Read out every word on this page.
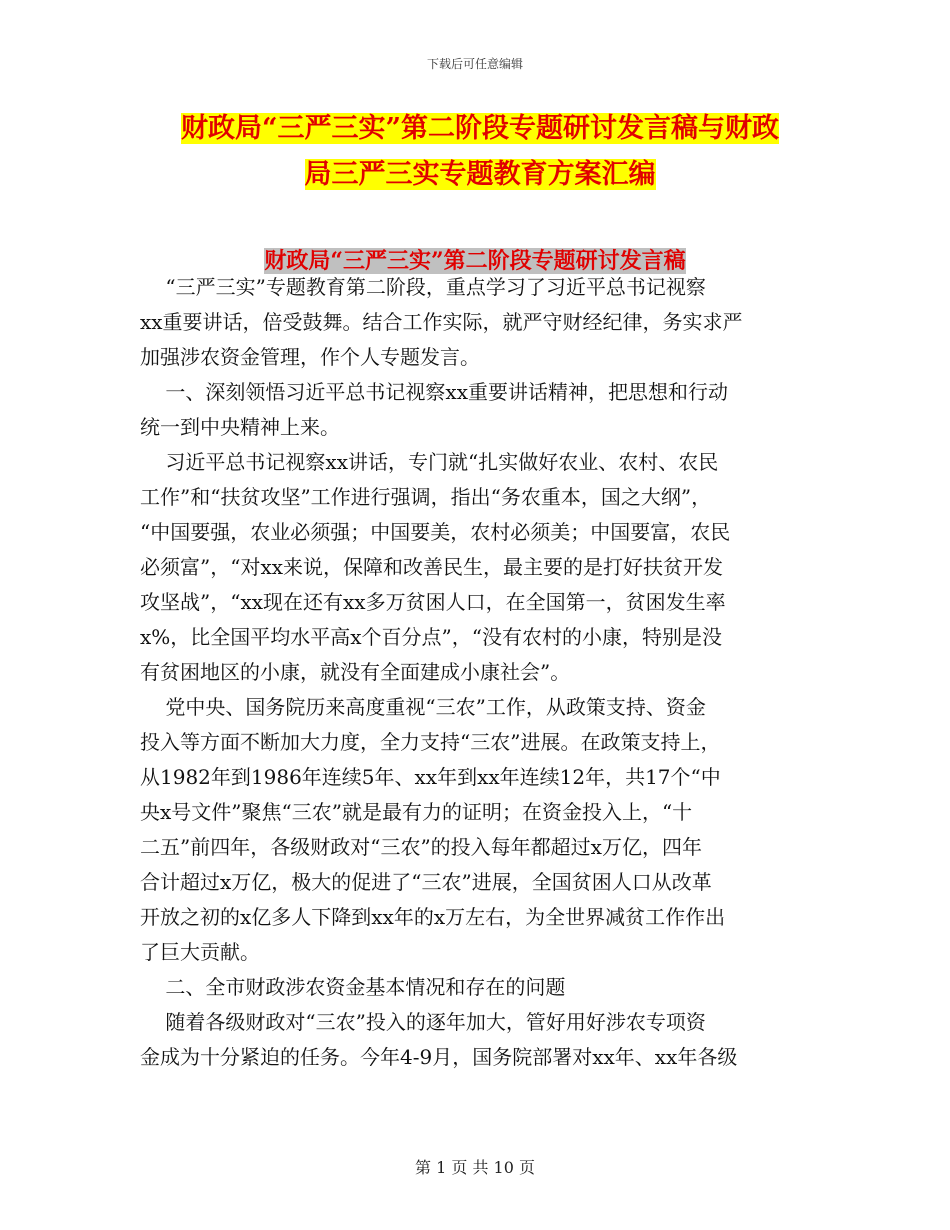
下载后可任意编辑
财政局“三严三实”第二阶段专题研讨发言稿与财政
局三严三实专题教育方案汇编
财政局“三严三实”第二阶段专题研讨发言稿
“三严三实”专题教育第二阶段，重点学习了习近平总书记视察
xx重要讲话，倍受鼓舞。结合工作实际，就严守财经纪律，务实求严
加强涉农资金管理，作个人专题发言。
一、深刻领悟习近平总书记视察xx重要讲话精神，把思想和行动
统一到中央精神上来。
习近平总书记视察xx讲话，专门就“扎实做好农业、农村、农民
工作”和“扶贫攻坚”工作进行强调，指出“务农重本，国之大纲”，
“中国要强，农业必须强；中国要美，农村必须美；中国要富，农民
必须富”，“对xx来说，保障和改善民生，最主要的是打好扶贫开发
攻坚战”，“xx现在还有xx多万贫困人口，在全国第一，贫困发生率
x%，比全国平均水平高x个百分点”，“没有农村的小康，特别是没
有贫困地区的小康，就没有全面建成小康社会”。
党中央、国务院历来高度重视“三农”工作，从政策支持、资金
投入等方面不断加大力度，全力支持“三农”进展。在政策支持上，
从1982年到1986年连续5年、xx年到xx年连续12年，共17个“中
央x号文件”聚焦“三农”就是最有力的证明；在资金投入上，“十
二五”前四年，各级财政对“三农”的投入每年都超过x万亿，四年
合计超过x万亿，极大的促进了“三农”进展，全国贫困人口从改革
开放之初的x亿多人下降到xx年的x万左右，为全世界减贫工作作出
了巨大贡献。
二、全市财政涉农资金基本情况和存在的问题
随着各级财政对“三农”投入的逐年加大，管好用好涉农专项资
金成为十分紧迫的任务。今年4-9月，国务院部署对xx年、xx年各级
第 1 页 共 10 页
